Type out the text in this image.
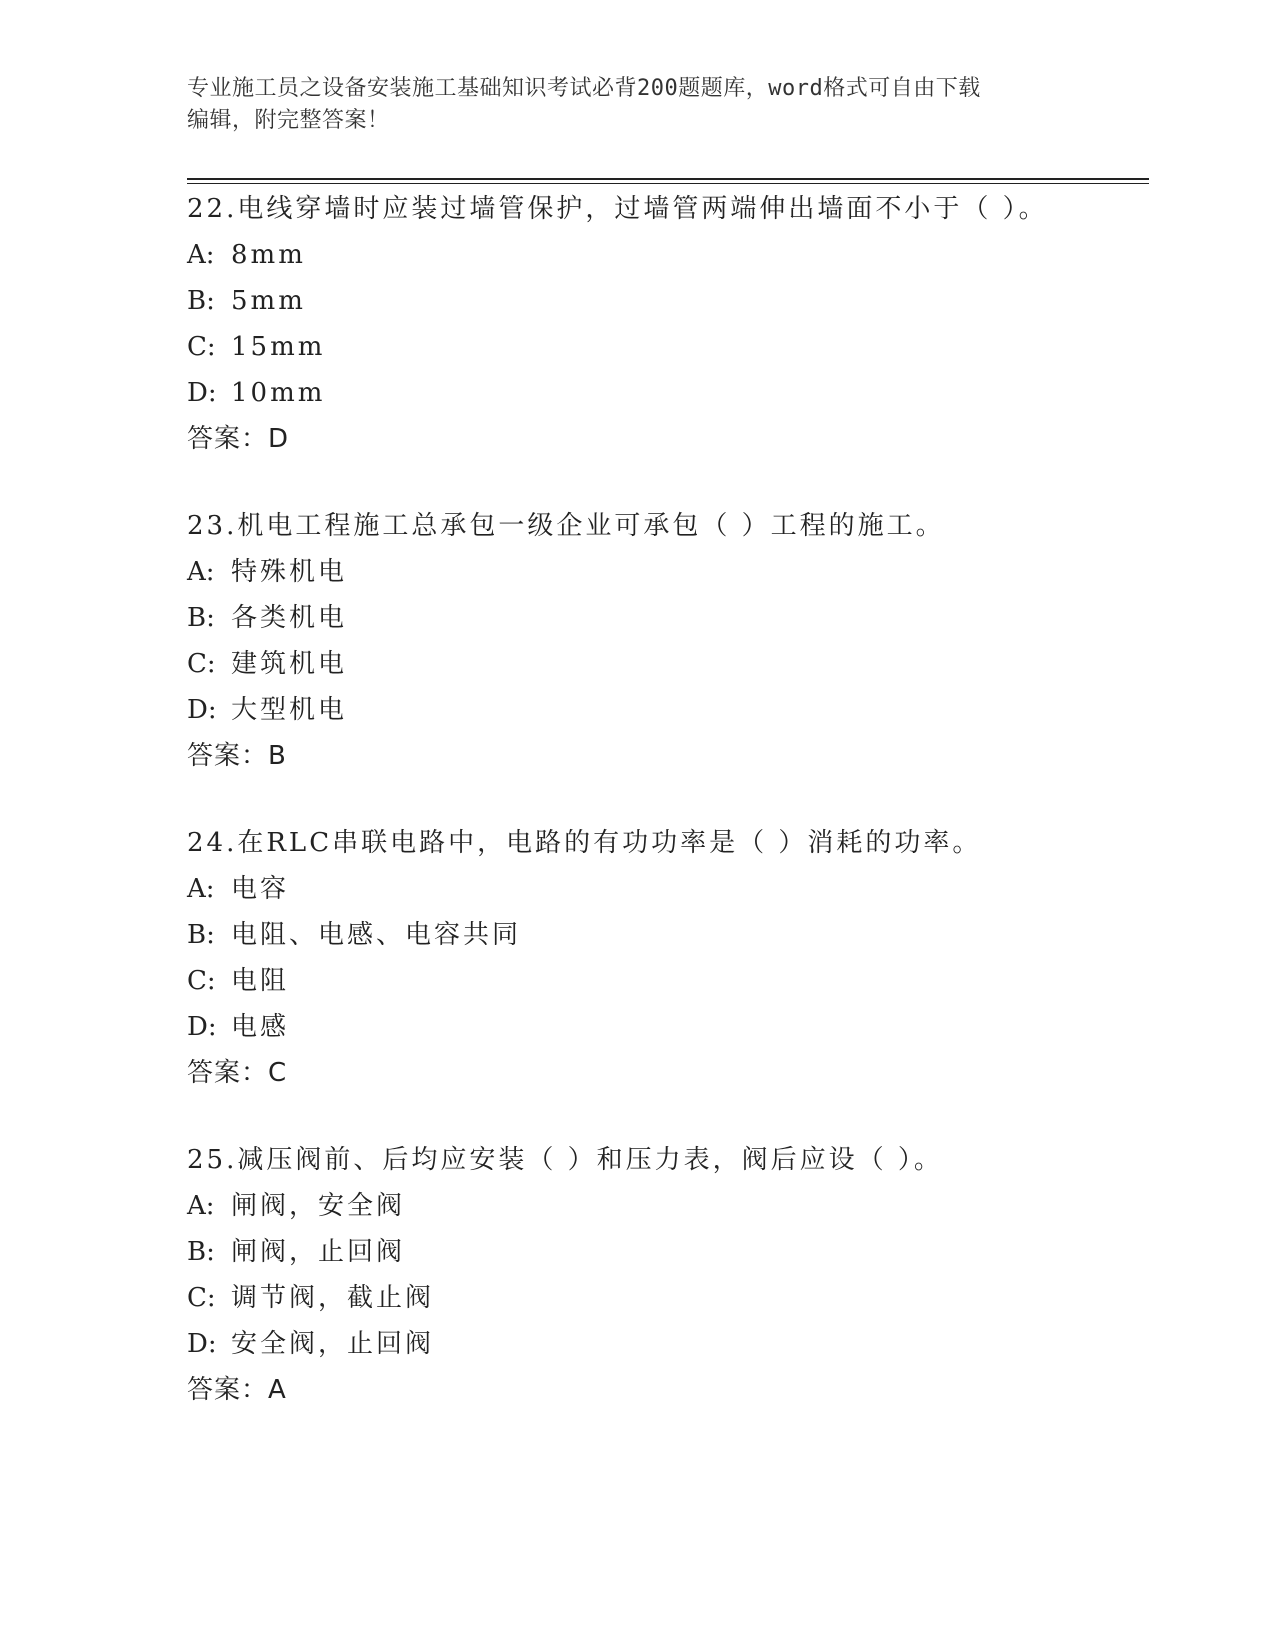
专业施工员之设备安装施工基础知识考试必背200题题库，word格式可自由下载
编辑，附完整答案！
22.电线穿墙时应装过墙管保护，过墙管两端伸出墙面不小于（ ）。
A: 8mm
B: 5mm
C: 15mm
D: 10mm
答案：D
23.机电工程施工总承包一级企业可承包（ ）工程的施工。
A: 特殊机电
B: 各类机电
C: 建筑机电
D: 大型机电
答案：B
24.在RLC串联电路中，电路的有功功率是（ ）消耗的功率。
A: 电容
B: 电阻、电感、电容共同
C: 电阻
D: 电感
答案：C
25.减压阀前、后均应安装（ ）和压力表，阀后应设（ ）。
A: 闸阀，安全阀
B: 闸阀，止回阀
C: 调节阀，截止阀
D: 安全阀，止回阀
答案：A
